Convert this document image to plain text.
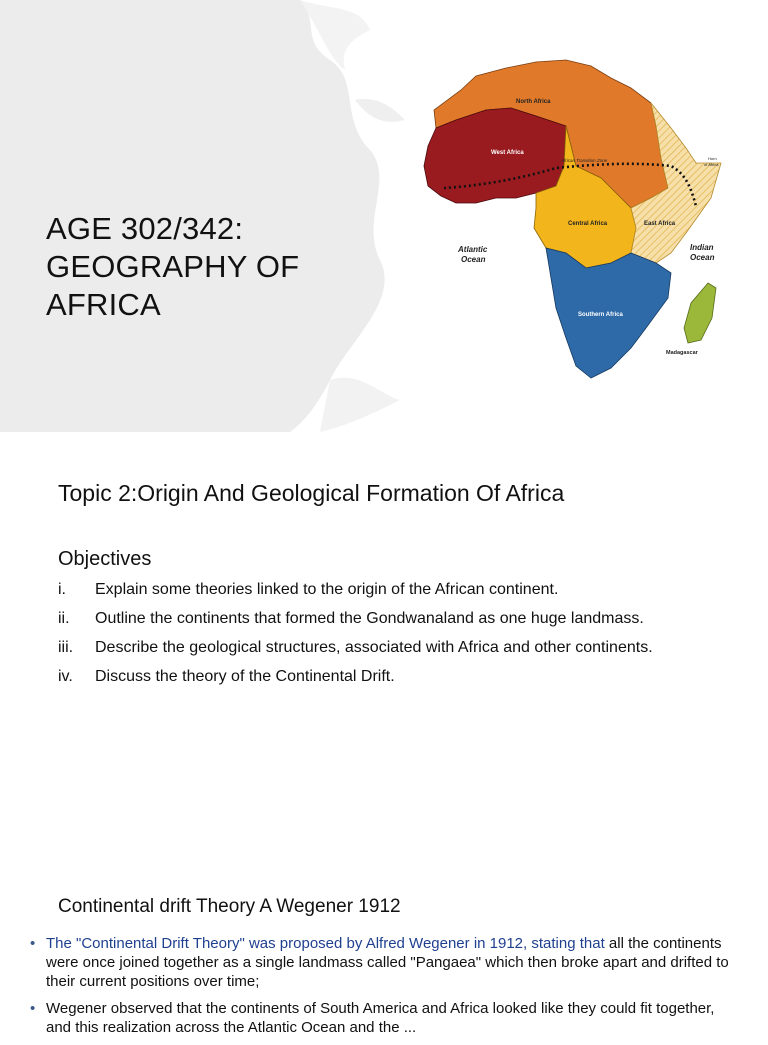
AGE 302/342:
GEOGRAPHY OF
AFRICA
North Africa
West Africa
African Transition Zone	Horn
of Africa
Central Africa	East Africa
Southern Africa
Atlantic
Ocean
Indian
Ocean
Madagascar
Topic 2:Origin And Geological Formation Of Africa
Objectives
i. Explain some theories linked to the origin of the African continent.
ii. Outline the continents that formed the Gondwanaland as one huge landmass.
iii. Describe the geological structures, associated with Africa and other continents.
iv. Discuss the theory of the Continental Drift.
Continental drift Theory A Wegener 1912
• The "Continental Drift Theory" was proposed by Alfred Wegener in 1912, stating that all the continents were once joined together as a single landmass called "Pangaea" which then broke apart and drifted to their current positions over time;
• Wegener observed that the continents of South America and Africa looked like they could fit together, and this realization across the Atlantic Ocean and the ...
